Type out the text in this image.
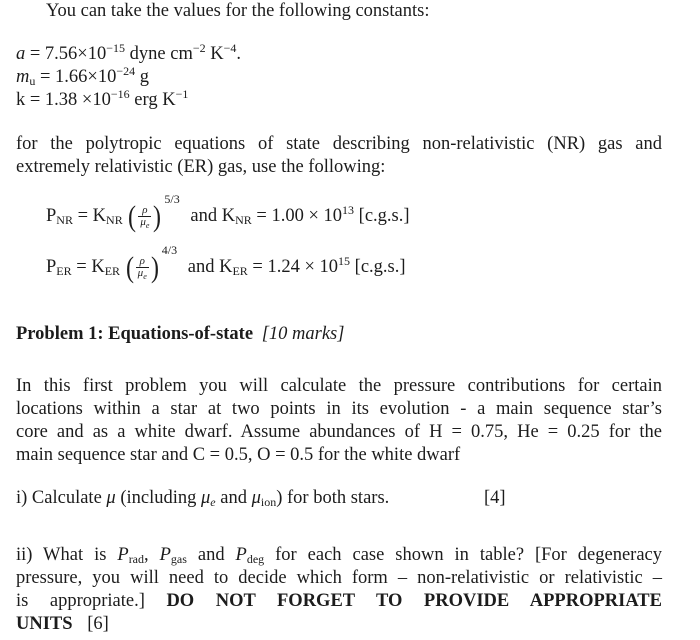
You can take the values for the following constants:
$a = 7.56\times 10^{-15}$ dyne $cm^{-2}$ $K^{-4}$.
$m_u = 1.66\times 10^{-24}$ g
$k = 1.38 \times 10^{-16}$ erg $K^{-1}$
for the polytropic equations of state describing non-relativistic (NR) gas and
extremely relativistic (ER) gas, use the following:
$P_{NR} = K_{NR}$ ( $\frac{\rho}{\mu_e} )^{5/3}$ and $K_{NR} = 1.00 \times 10^{13}$ [c.g.s.]
$P_{ER} = K_{ER}$ ( $\frac{\rho}{\mu_e} )^{4/3}$ and $K_{ER} = 1.24 \times 10^{15}$ [c.g.s.]
Problem 1: Equations-of-state [10 marks]
In this first problem you will calculate the pressure contributions for certain
locations within a star at two points in its evolution - a main sequence star’s
core and as a white dwarf. Assume abundances of H = 0.75, He = 0.25 for the
main sequence star and C = 0.5, O = 0.5 for the white dwarf
i) Calculate μ (including $\mu_e$ and $\mu_{ion}$) for both stars.	[4]
ii) What is $P_{rad}$, $P_{gas}$ and $P_{deg}$ for each case shown in table? [For degeneracy
pressure, you will need to decide which form – non-relativistic or relativistic –
is appropriate.] DO NOT FORGET TO PROVIDE APPROPRIATE
UNITS [6]
